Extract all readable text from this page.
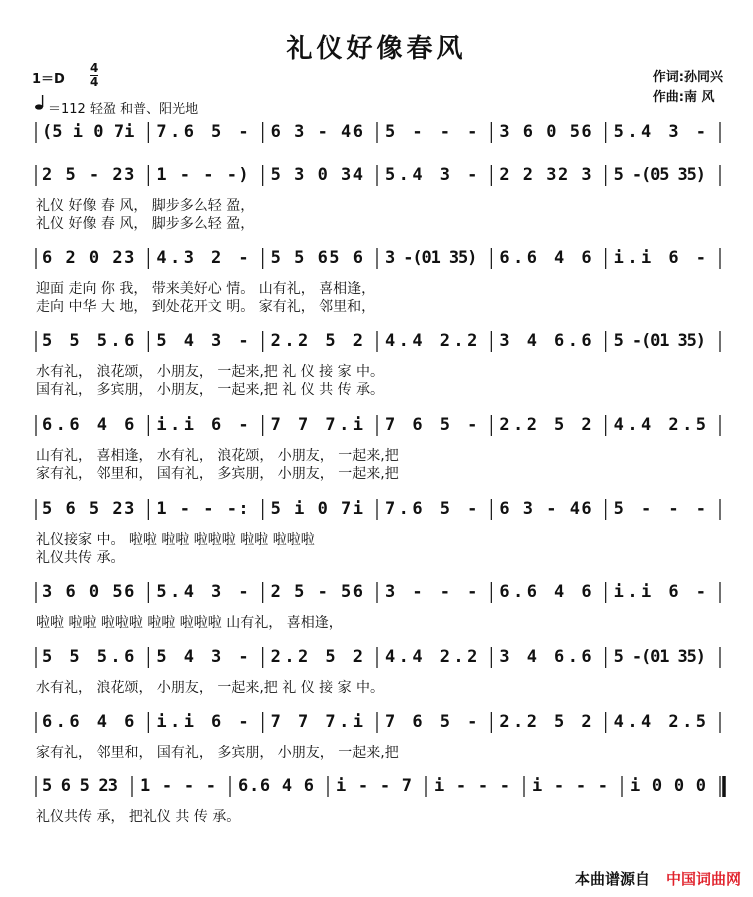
礼仪好像春风
$1=D \frac{4}{4}$
＝112 轻盈 和普、阳光地
作词:孙同兴
作曲:南 风
(5 i 0 7i 7.6 5 - 6 3 - 46 5 - - - 3 6 0 56 5.4 3 -
2 5 - 23 1 - - -) 5 3 0 34 5.4 3 - 2 2 32 3 5 -(05 35)
礼仪 好像 春 风， 脚步多么轻 盈，
礼仪 好像 春 风， 脚步多么轻 盈，
6 2 0 23 4.3 2 - 5 5 65 6 3 -(01 35) 6.6 4 6 i.i 6 -
迎面 走向 你 我， 带来美好心 情。 山有礼， 喜相逢，
走向 中华 大 地， 到处花开文 明。 家有礼， 邻里和，
5 5 5.6 5 4 3 - 2.2 5 2 4.4 2.2 3 4 6.6 5 -(01 35)
水有礼， 浪花颂， 小朋友， 一起来,把 礼 仪 接 家 中。
国有礼， 多宾朋， 小朋友， 一起来,把 礼 仪 共 传 承。
6.6 4 6 i.i 6 - 7 7 7.i 7 6 5 - 2.2 5 2 4.4 2.5
山有礼， 喜相逢， 水有礼， 浪花颂， 小朋友， 一起来,把
家有礼， 邻里和， 国有礼， 多宾朋， 小朋友， 一起来,把
5 6 5 23 1 - - -: 5 i 0 7i 7.6 5 - 6 3 - 46 5 - - -
礼仪接家 中。 啦啦 啦啦 啦啦啦 啦啦 啦啦啦
礼仪共传 承。
3 6 0 56 5.4 3 - 2 5 - 56 3 - - - 6.6 4 6 i.i 6 -
啦啦 啦啦 啦啦啦 啦啦 啦啦啦 山有礼， 喜相逢，
5 5 5.6 5 4 3 - 2.2 5 2 4.4 2.2 3 4 6.6 5 -(01 35)
水有礼， 浪花颂， 小朋友， 一起来,把 礼 仪 接 家 中。
6.6 4 6 i.i 6 - 7 7 7.i 7 6 5 - 2.2 5 2 4.4 2.5
家有礼， 邻里和， 国有礼， 多宾朋， 小朋友， 一起来,把
5 6 5 23 1 - - - 6.6 4 6 i - - 7 i - - - i - - - i 0 0 0
礼仪共传 承， 把礼仪 共 传 承。
本曲谱源自 中国词曲网
